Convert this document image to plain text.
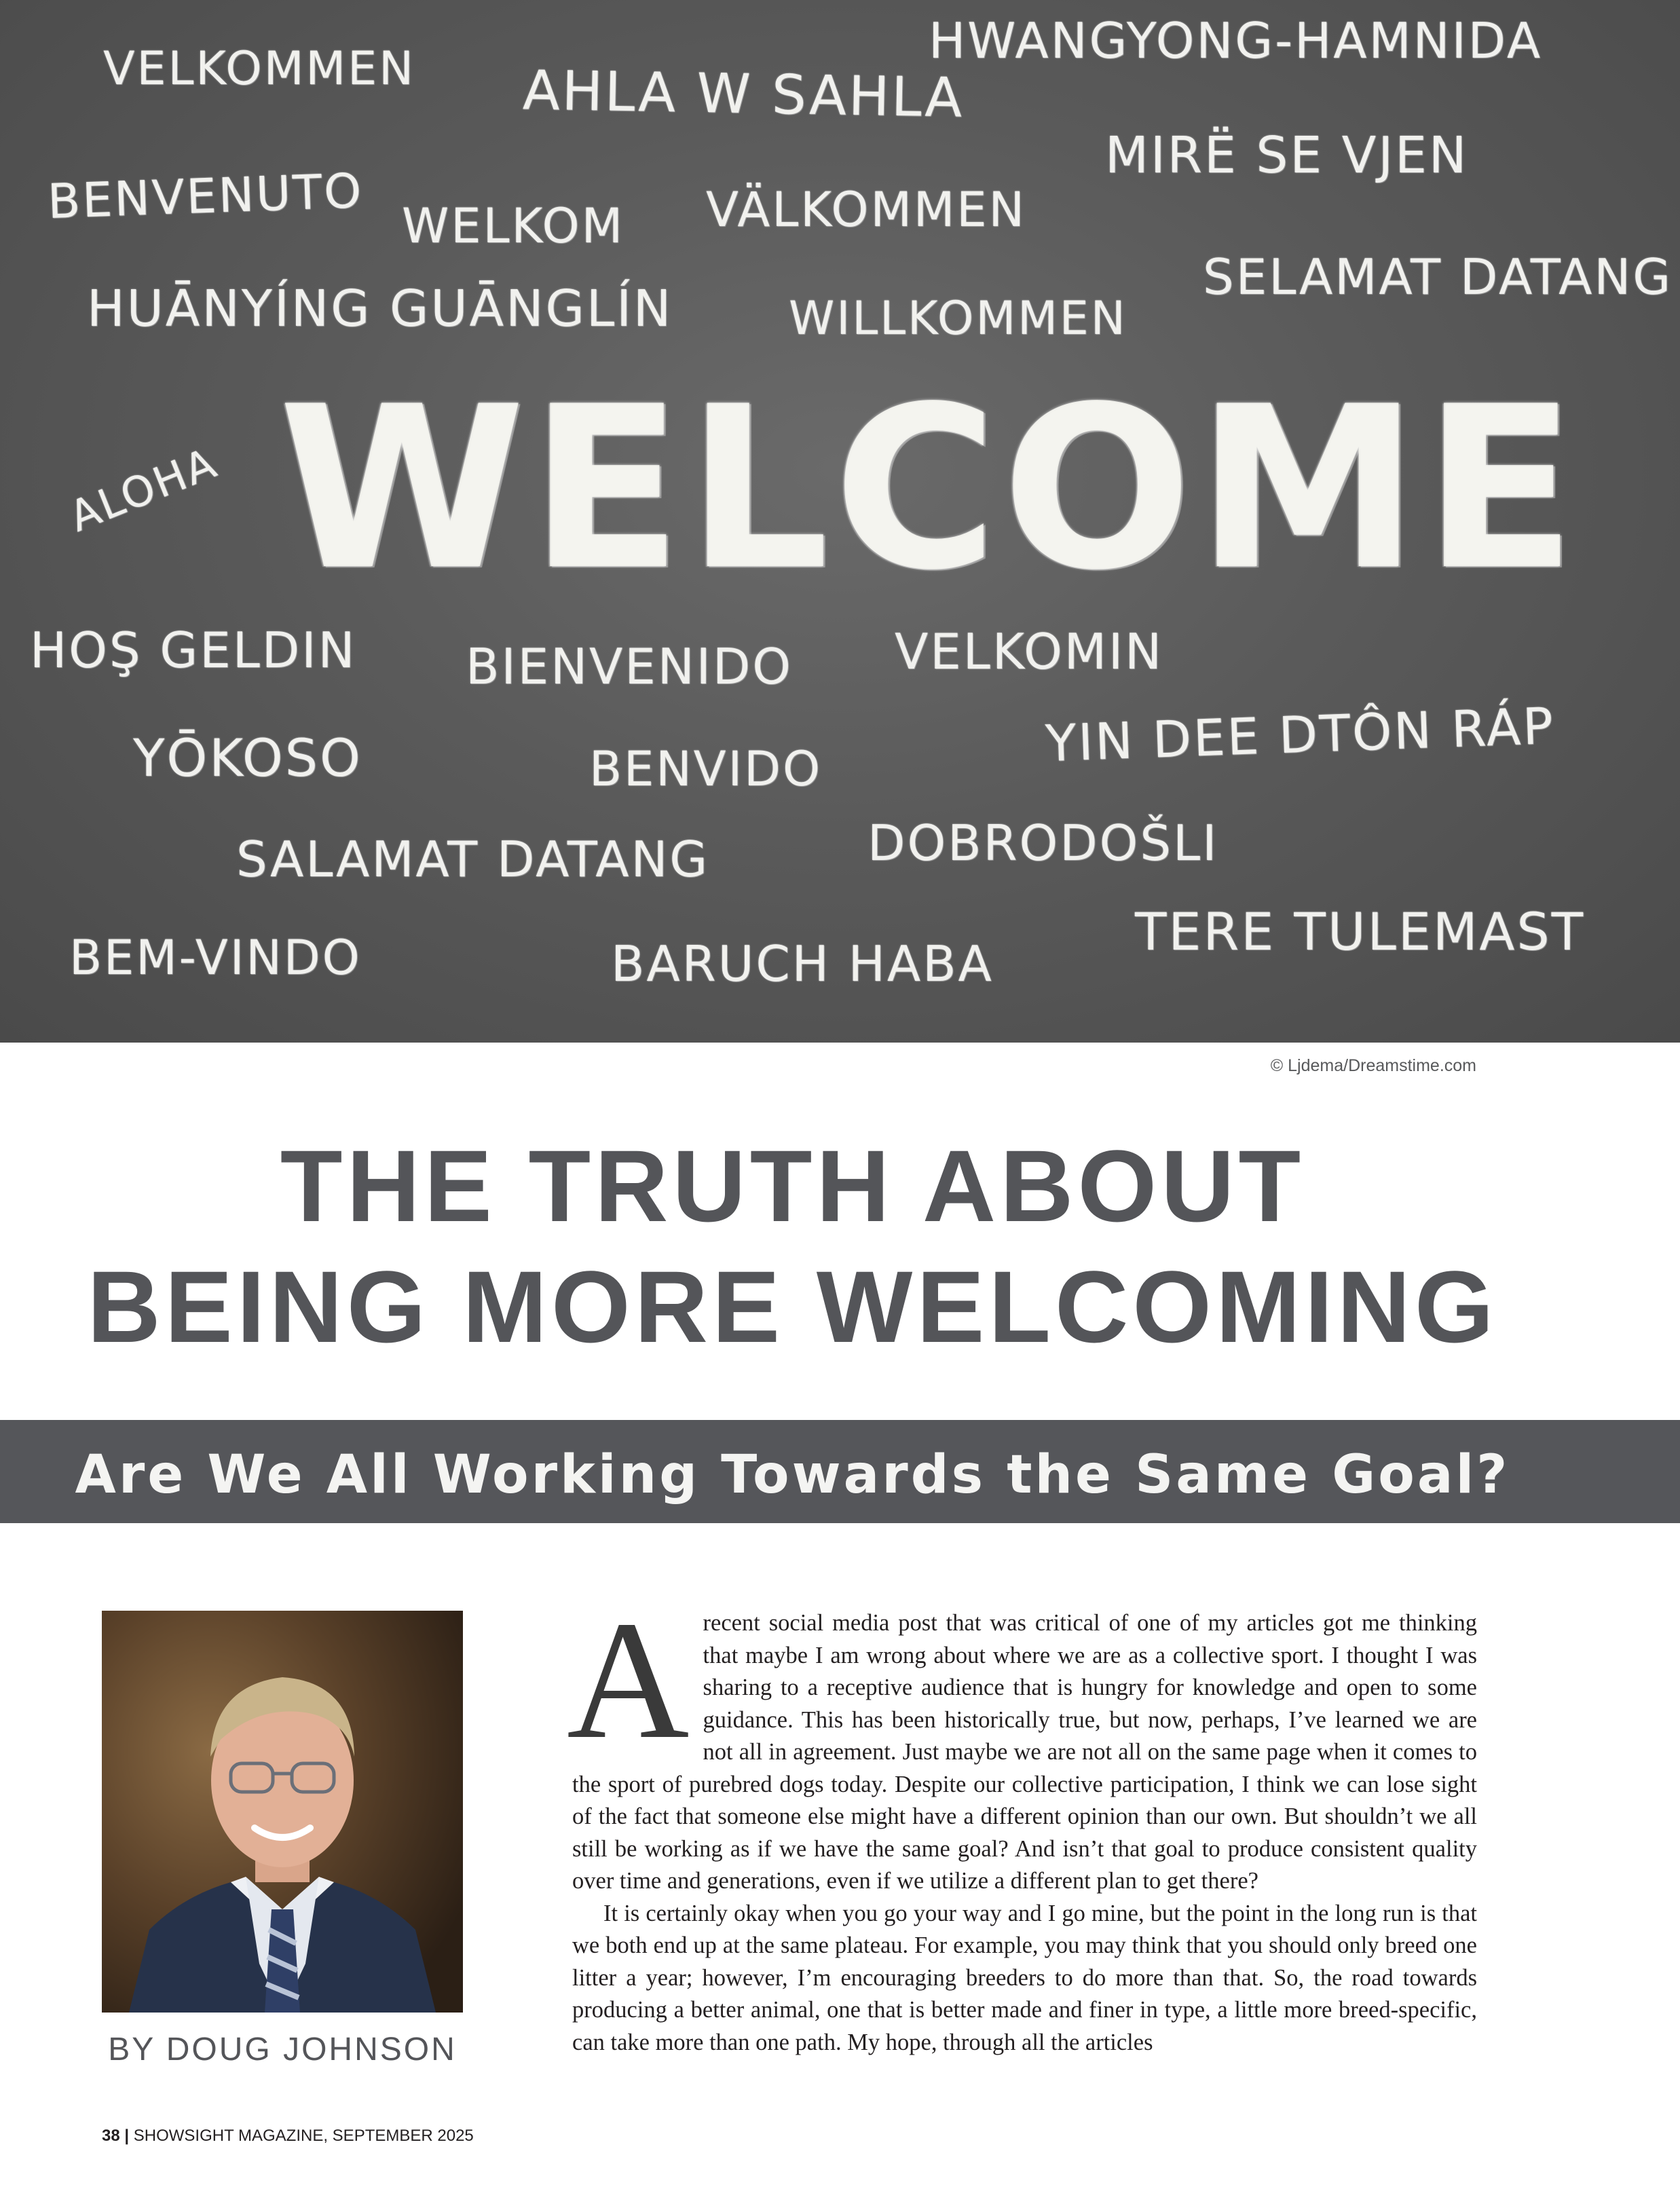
VELKOMMEN AHLA W SAHLA
HWANGYONG-HAMNIDA
MIRË SE VJEN
BENVENUTO WELKOM VÄLKOMMEN
SELAMAT DATANG
HUĀNYÍNG GUĀNGLÍN	WILLKOMMEN
WELCOME
ALOHA
HOŞ GELDIN BIENVENIDO VELKOMIN
YŌKOSO	BENVIDO	YIN DEE DTÔN RÁP
SALAMAT DATANG	DOBRODOŠLI
BEM-VINDO	BARUCH HABA
TERE TULEMAST
© Ljdema/Dreamstime.com
THE TRUTH ABOUT
BEING MORE WELCOMING
Are We All Working Towards the Same Goal?
BY DOUG JOHNSON

Arecent social media post that was critical of one of my articles got me thinking that maybe I am wrong about where we are as a collective sport. I thought I was sharing to a receptive audience that is hungry for knowledge and open to some guidance. This has been historically true, but now, perhaps, I’ve learned we are not all in agreement. Just maybe we are not all on the same page when it comes to the sport of purebred dogs today. Despite our collective participation, I think we can lose sight of the fact that someone else might have a different opinion than our own. But shouldn’t we all still be working as if we have the same goal? And isn’t that goal to produce consistent quality over time and generations, even if we utilize a different plan to get there?

It is certainly okay when you go your way and I go mine, but the point in the long run is that we both end up at the same plateau. For example, you may think that you should only breed one litter a year; however, I’m encouraging breeders to do more than that. So, the road towards producing a better animal, one that is better made and finer in type, a little more breed-specific, can take more than one path. My hope, through all the articles

38 | SHOWSIGHT MAGAZINE, SEPTEMBER 2025
